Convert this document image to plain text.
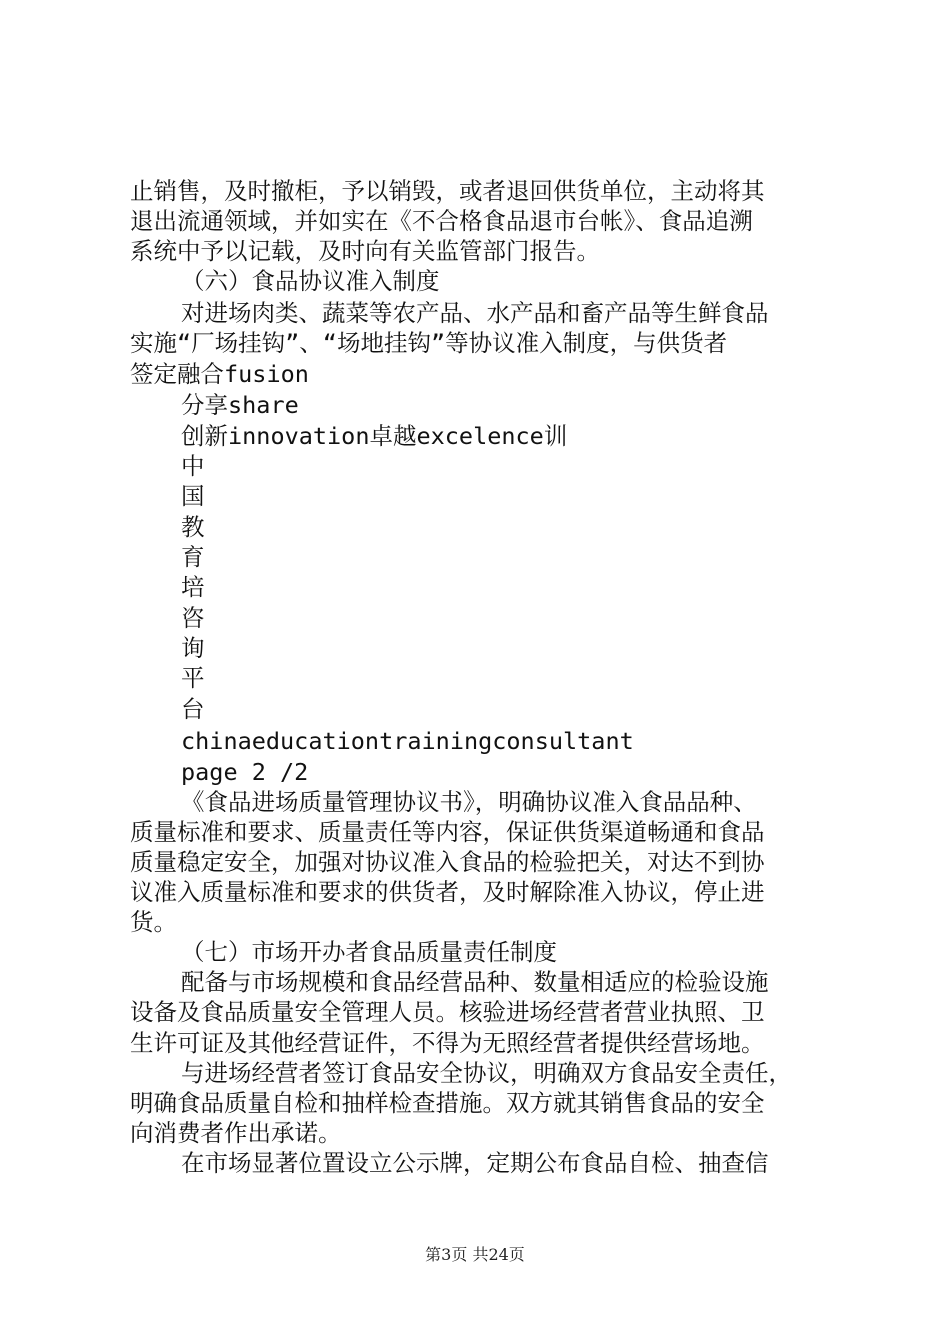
止销售，及时撤柜，予以销毁，或者退回供货单位，主动将其
退出流通领域，并如实在《不合格食品退市台帐》、食品追溯
系统中予以记载，及时向有关监管部门报告。
（六）食品协议准入制度
对进场肉类、蔬菜等农产品、水产品和畜产品等生鲜食品
实施“厂场挂钩”、“场地挂钩”等协议准入制度，与供货者
签定融合fusion
分享share
创新innovation卓越excelence训
中
国
教
育
培
咨
询
平
台
chinaeducationtrainingconsultant
page 2 /2
《食品进场质量管理协议书》，明确协议准入食品品种、
质量标准和要求、质量责任等内容，保证供货渠道畅通和食品
质量稳定安全，加强对协议准入食品的检验把关，对达不到协
议准入质量标准和要求的供货者，及时解除准入协议，停止进
货。
（七）市场开办者食品质量责任制度
配备与市场规模和食品经营品种、数量相适应的检验设施
设备及食品质量安全管理人员。核验进场经营者营业执照、卫
生许可证及其他经营证件，不得为无照经营者提供经营场地。
与进场经营者签订食品安全协议，明确双方食品安全责任，
明确食品质量自检和抽样检查措施。双方就其销售食品的安全
向消费者作出承诺。
在市场显著位置设立公示牌，定期公布食品自检、抽查信
第3页 共24页
